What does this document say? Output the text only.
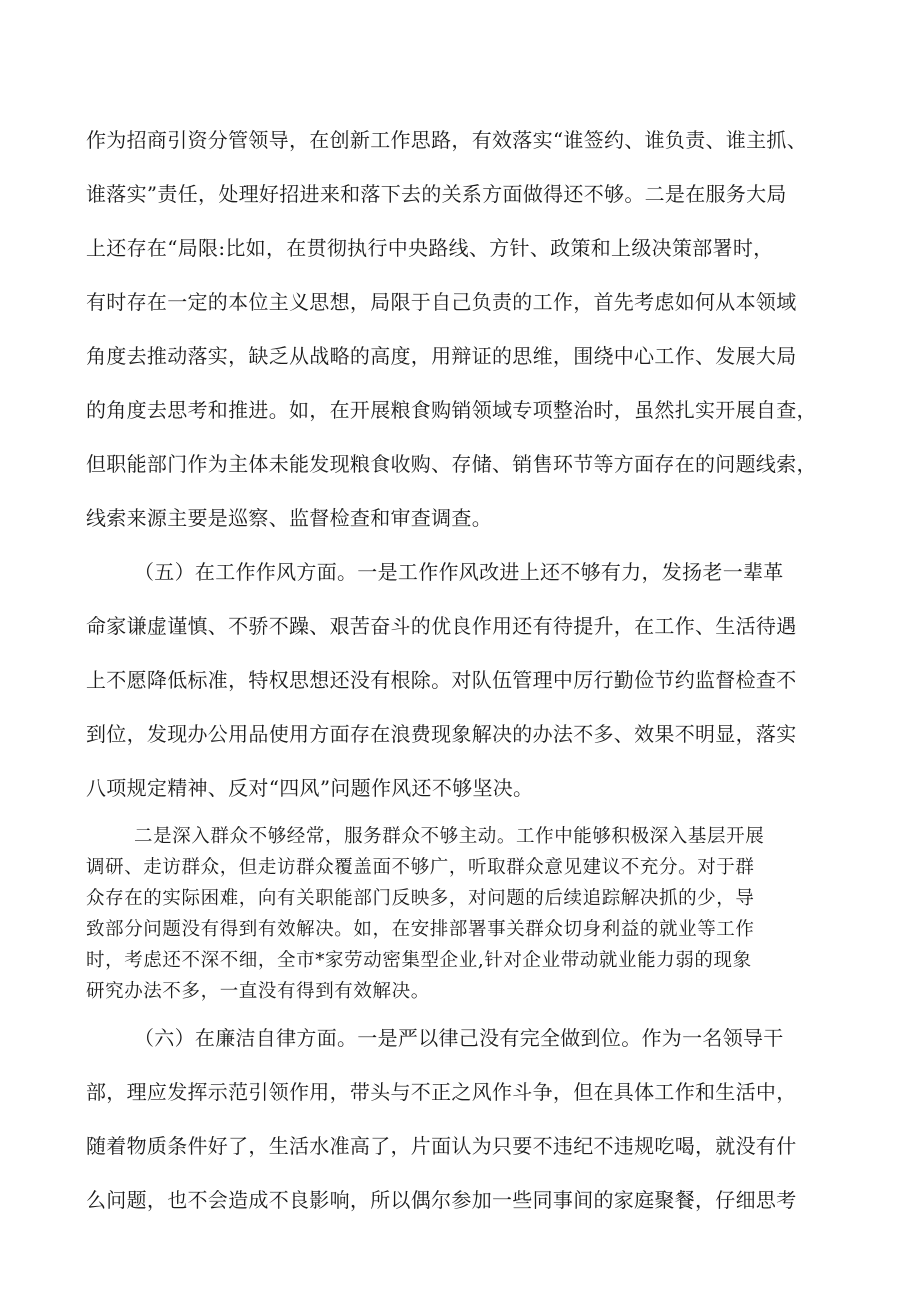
作为招商引资分管领导，在创新工作思路，有效落实“谁签约、谁负责、谁主抓、
谁落实”责任，处理好招进来和落下去的关系方面做得还不够。二是在服务大局
上还存在“局限:比如，在贯彻执行中央路线、方针、政策和上级决策部署时，
有时存在一定的本位主义思想，局限于自己负责的工作，首先考虑如何从本领域
角度去推动落实，缺乏从战略的高度，用辩证的思维，围绕中心工作、发展大局
的角度去思考和推进。如，在开展粮食购销领域专项整治时，虽然扎实开展自查，
但职能部门作为主体未能发现粮食收购、存储、销售环节等方面存在的问题线索，
线索来源主要是巡察、监督检查和审查调查。
（五）在工作作风方面。一是工作作风改进上还不够有力，发扬老一辈革
命家谦虚谨慎、不骄不躁、艰苦奋斗的优良作用还有待提升，在工作、生活待遇
上不愿降低标准，特权思想还没有根除。对队伍管理中厉行勤俭节约监督检查不
到位，发现办公用品使用方面存在浪费现象解决的办法不多、效果不明显，落实
八项规定精神、反对“四风”问题作风还不够坚决。
二是深入群众不够经常，服务群众不够主动。工作中能够积极深入基层开展
调研、走访群众，但走访群众覆盖面不够广，听取群众意见建议不充分。对于群
众存在的实际困难，向有关职能部门反映多，对问题的后续追踪解决抓的少，导
致部分问题没有得到有效解决。如，在安排部署事关群众切身利益的就业等工作
时，考虑还不深不细，全市*家劳动密集型企业,针对企业带动就业能力弱的现象
研究办法不多，一直没有得到有效解决。
（六）在廉洁自律方面。一是严以律己没有完全做到位。作为一名领导干
部，理应发挥示范引领作用，带头与不正之风作斗争，但在具体工作和生活中，
随着物质条件好了，生活水准高了，片面认为只要不违纪不违规吃喝，就没有什
么问题，也不会造成不良影响，所以偶尔参加一些同事间的家庭聚餐，仔细思考
